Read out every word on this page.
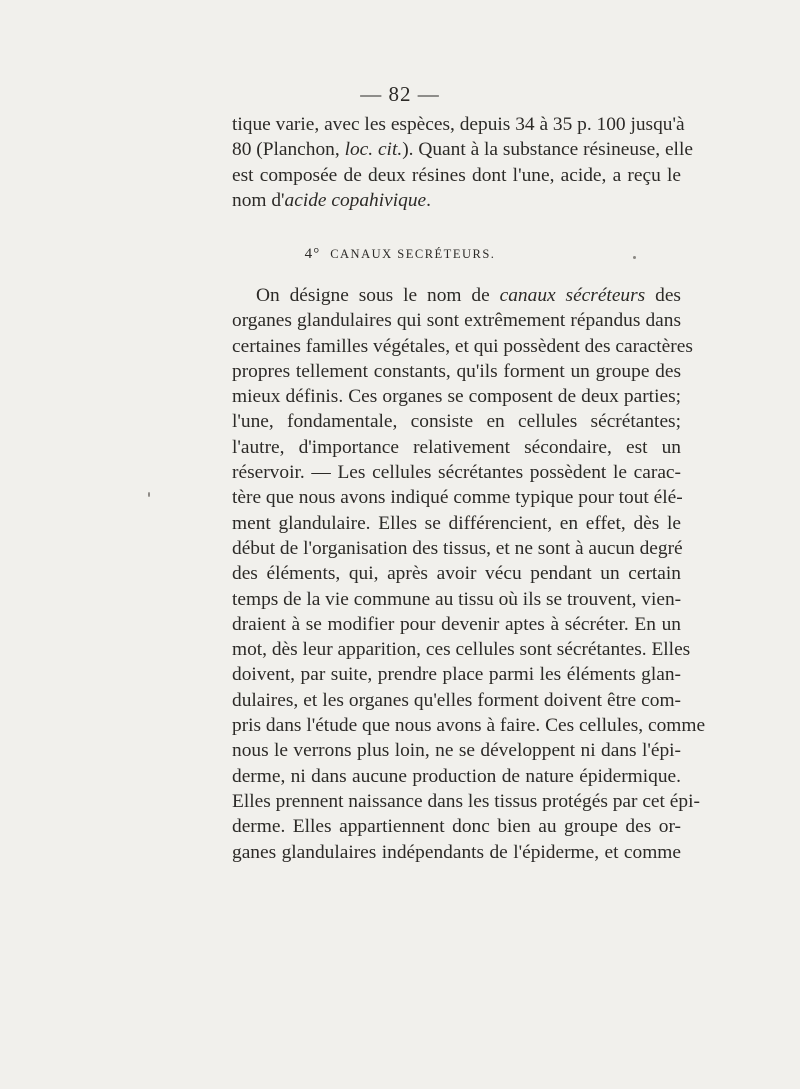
— 82 —
tique varie, avec les espèces, depuis 34 à 35 p. 100 jusqu'à
80 (Planchon, loc. cit.). Quant à la substance résineuse, elle
est composée de deux résines dont l'une, acide, a reçu le
nom d'acide copahivique.
4° CANAUX SECRÉTEURS.
On désigne sous le nom de canaux sécréteurs des
organes glandulaires qui sont extrêmement répandus dans
certaines familles végétales, et qui possèdent des caractères
propres tellement constants, qu'ils forment un groupe des
mieux définis. Ces organes se composent de deux parties;
l'une, fondamentale, consiste en cellules sécrétantes;
l'autre, d'importance relativement sécondaire, est un
réservoir. — Les cellules sécrétantes possèdent le carac-
tère que nous avons indiqué comme typique pour tout élé-
ment glandulaire. Elles se différencient, en effet, dès le
début de l'organisation des tissus, et ne sont à aucun degré
des éléments, qui, après avoir vécu pendant un certain
temps de la vie commune au tissu où ils se trouvent, vien-
draient à se modifier pour devenir aptes à sécréter. En un
mot, dès leur apparition, ces cellules sont sécrétantes. Elles
doivent, par suite, prendre place parmi les éléments glan-
dulaires, et les organes qu'elles forment doivent être com-
pris dans l'étude que nous avons à faire. Ces cellules, comme
nous le verrons plus loin, ne se développent ni dans l'épi-
derme, ni dans aucune production de nature épidermique.
Elles prennent naissance dans les tissus protégés par cet épi-
derme. Elles appartiennent donc bien au groupe des or-
ganes glandulaires indépendants de l'épiderme, et comme
